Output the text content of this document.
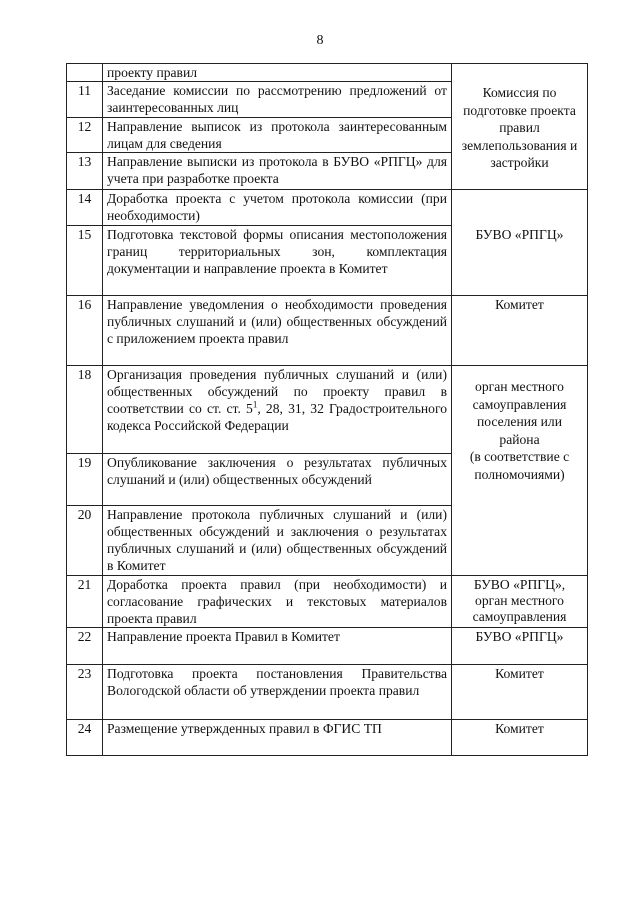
8
	проекту правил	Комиссия по подготовке проекта правил землепользования и застройки
11	Заседание комиссии по рассмотрению предложений от заинтересованных лиц	
12	Направление выписок из протокола заинтересованным лицам для сведения	
13	Направление выписки из протокола в БУВО «РПГЦ» для учета при разработке проекта	
14	Доработка проекта с учетом протокола комиссии (при необходимости)	БУВО «РПГЦ»
15	Подготовка текстовой формы описания местоположения границ территориальных зон, комплектация документации и направление проекта в Комитет	
16	Направление уведомления о необходимости проведения публичных слушаний и (или) общественных обсуждений с приложением проекта правил	Комитет
18	Организация проведения публичных слушаний и (или) общественных обсуждений по проекту правил в соответствии со ст. ст. $5^1$, 28, 31, 32 Градостроительного кодекса Российской Федерации	орган местного самоуправления поселения или района
(в соответствие с полномочиями)

19	Опубликование заключения о результатах публичных слушаний и (или) общественных обсуждений	
20	Направление протокола публичных слушаний и (или) общественных обсуждений и заключения о результатах публичных слушаний и (или) общественных обсуждений в Комитет	
21	Доработка проекта правил (при необходимости) и согласование графических и текстовых материалов проекта правил	БУВО «РПГЦ», орган местного самоуправления
22	Направление проекта Правил в Комитет	БУВО «РПГЦ»
23	Подготовка проекта постановления Правительства Вологодской области об утверждении проекта правил	Комитет
24	Размещение утвержденных правил в ФГИС ТП	Комитет
